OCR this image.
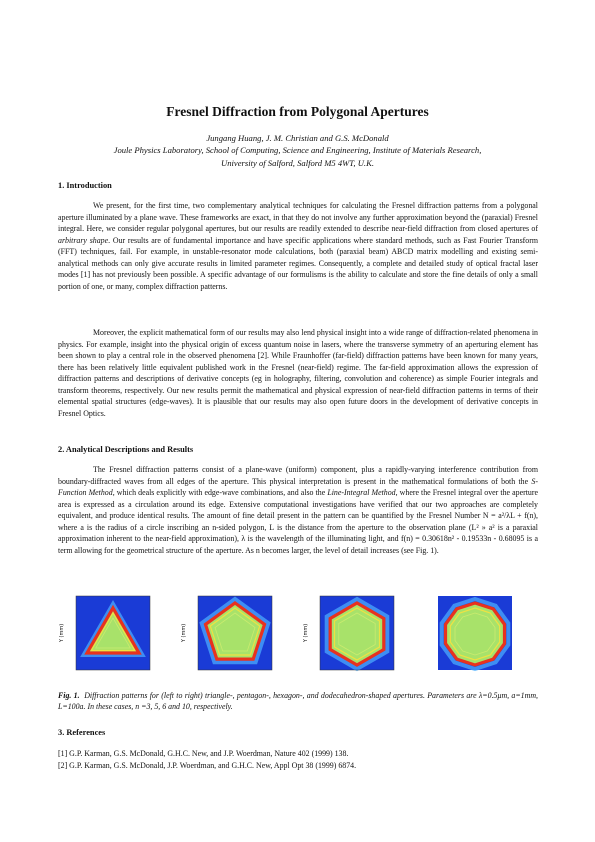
Fresnel Diffraction from Polygonal Apertures
Jungang Huang, J. M. Christian and G.S. McDonald
Joule Physics Laboratory, School of Computing, Science and Engineering, Institute of Materials Research,
University of Salford, Salford M5 4WT, U.K.
1. Introduction

We present, for the first time, two complementary analytical techniques for calculating the Fresnel diffraction patterns from a polygonal aperture illuminated by a plane wave. These frameworks are exact, in that they do not involve any further approximation beyond the (paraxial) Fresnel integral. Here, we consider regular polygonal apertures, but our results are readily extended to describe near-field diffraction from closed apertures of arbitrary shape. Our results are of fundamental importance and have specific applications where standard methods, such as Fast Fourier Transform (FFT) techniques, fail. For example, in unstable-resonator mode calculations, both (paraxial beam) ABCD matrix modelling and existing semi-analytical methods can only give accurate results in limited parameter regimes. Consequently, a complete and detailed study of optical fractal laser modes [1] has not previously been possible. A specific advantage of our formulisms is the ability to calculate and store the fine details of only a small portion of one, or many, complex diffraction patterns.

Moreover, the explicit mathematical form of our results may also lend physical insight into a wide range of diffraction-related phenomena in physics. For example, insight into the physical origin of excess quantum noise in lasers, where the transverse symmetry of an aperturing element has been shown to play a central role in the observed phenomena [2]. While Fraunhoffer (far-field) diffraction patterns have been known for many years, there has been relatively little equivalent published work in the Fresnel (near-field) regime. The far-field approximation allows the expression of diffraction patterns and descriptions of derivative concepts (eg in holography, filtering, convolution and coherence) as simple Fourier integrals and transform theorems, respectively. Our new results permit the mathematical and physical expression of near-field diffraction patterns in terms of their elemental spatial structures (edge-waves). It is plausible that our results may also open future doors in the development of derivative concepts in Fresnel Optics.

2. Analytical Descriptions and Results

The Fresnel diffraction patterns consist of a plane-wave (uniform) component, plus a rapidly-varying interference contribution from boundary-diffracted waves from all edges of the aperture. This physical interpretation is present in the mathematical formulations of both the S-Function Method, which deals explicitly with edge-wave combinations, and also the Line-Integral Method, where the Fresnel integral over the aperture area is expressed as a circulation around its edge. Extensive computational investigations have verified that our two approaches are completely equivalent, and produce identical results. The amount of fine detail present in the pattern can be quantified by the Fresnel Number N = a²/λL + f(n), where a is the radius of a circle inscribing an n-sided polygon, L is the distance from the aperture to the observation plane (L² » a² is a paraxial approximation inherent to the near-field approximation), λ is the wavelength of the illuminating light, and f(n) = 0.30618n² - 0.19533n - 0.68095 is a term allowing for the geometrical structure of the aperture. As n becomes larger, the level of detail increases (see Fig. 1).

Y (mm)	Y (mm)	Y (mm)
Fig. 1. Diffraction patterns for (left to right) triangle-, pentagon-, hexagon-, and dodecahedron-shaped apertures. Parameters are λ=0.5μm, a=1mm, L=100a. In these cases, n =3, 5, 6 and 10, respectively.
3. References
[1] G.P. Karman, G.S. McDonald, G.H.C. New, and J.P. Woerdman, Nature 402 (1999) 138.
[2] G.P. Karman, G.S. McDonald, J.P. Woerdman, and G.H.C. New, Appl Opt 38 (1999) 6874.
